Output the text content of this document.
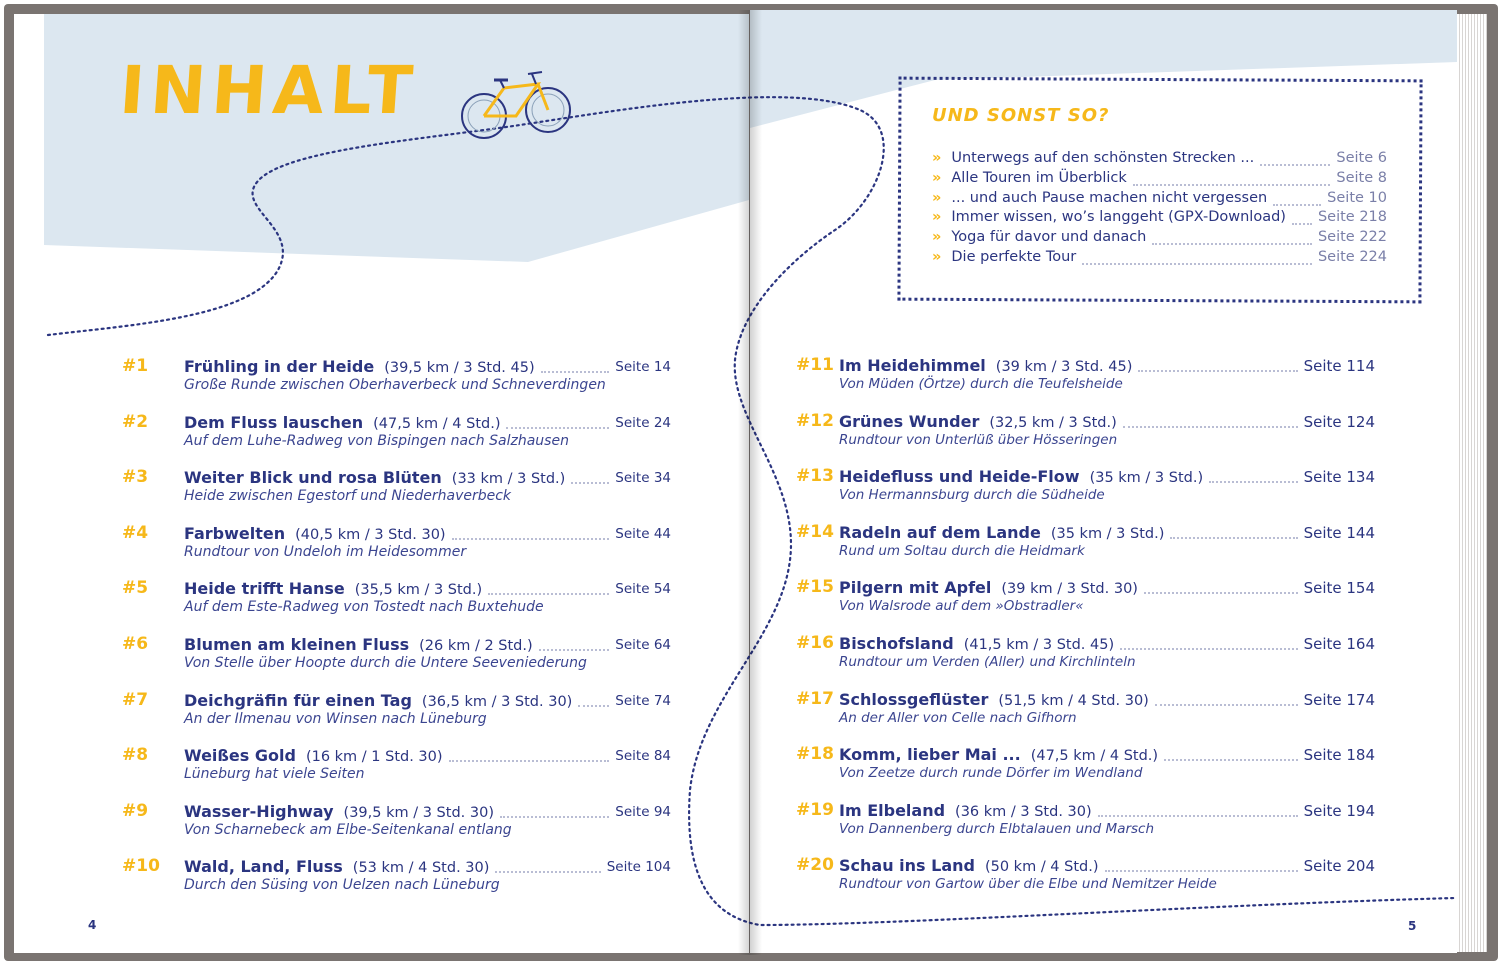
INHALT	UND SONST SO?
» Unterwegs auf den schönsten Strecken ...	Seite 6
» Alle Touren im Überblick	Seite 8
» ... und auch Pause machen nicht vergessen	Seite 10
» Immer wissen, wo’s langgeht (GPX-Download) Seite 218
» Yoga für davor und danach	Seite 222
» Die perfekte Tour	Seite 224
#1 Frühling in der Heide (39,5 km / 3 Std. 45)	Seite 14
Große Runde zwischen Oberhaverbeck und Schneverdingen
#2 Dem Fluss lauschen (47,5 km / 4 Std.)	Seite 24
Auf dem Luhe-Radweg von Bispingen nach Salzhausen
#3 Weiter Blick und rosa Blüten (33 km / 3 Std.)	Seite 34
Heide zwischen Egestorf und Niederhaverbeck
#4 Farbwelten (40,5 km / 3 Std. 30)	Seite 44
Rundtour von Undeloh im Heidesommer
#5 Heide trifft Hanse (35,5 km / 3 Std.)	Seite 54
Auf dem Este-Radweg von Tostedt nach Buxtehude
#6 Blumen am kleinen Fluss (26 km / 2 Std.)	Seite 64
Von Stelle über Hoopte durch die Untere Seeveniederung
#7 Deichgräfin für einen Tag (36,5 km / 3 Std. 30)	Seite 74
An der Ilmenau von Winsen nach Lüneburg
#8 Weißes Gold (16 km / 1 Std. 30)	Seite 84
Lüneburg hat viele Seiten
#9 Wasser-Highway (39,5 km / 3 Std. 30)	Seite 94
Von Scharnebeck am Elbe-Seitenkanal entlang
#10 Wald, Land, Fluss (53 km / 4 Std. 30)	Seite 104
Durch den Süsing von Uelzen nach Lüneburg
#11 Im Heidehimmel (39 km / 3 Std. 45)	Seite 114
Von Müden (Örtze) durch die Teufelsheide
#12 Grünes Wunder (32,5 km / 3 Std.)	Seite 124
Rundtour von Unterlüß über Hösseringen
#13 Heidefluss und Heide-Flow (35 km / 3 Std.)	Seite 134
Von Hermannsburg durch die Südheide
#14 Radeln auf dem Lande (35 km / 3 Std.)	Seite 144
Rund um Soltau durch die Heidmark
#15 Pilgern mit Apfel (39 km / 3 Std. 30)	Seite 154
Von Walsrode auf dem »Obstradler«
#16 Bischofsland (41,5 km / 3 Std. 45)	Seite 164
Rundtour um Verden (Aller) und Kirchlinteln
#17 Schlossgeflüster (51,5 km / 4 Std. 30)	Seite 174
An der Aller von Celle nach Gifhorn
#18 Komm, lieber Mai ... (47,5 km / 4 Std.)	Seite 184
Von Zeetze durch runde Dörfer im Wendland
#19 Im Elbeland (36 km / 3 Std. 30)	Seite 194
Von Dannenberg durch Elbtalauen und Marsch
#20 Schau ins Land (50 km / 4 Std.)	Seite 204
Rundtour von Gartow über die Elbe und Nemitzer Heide
4	5
